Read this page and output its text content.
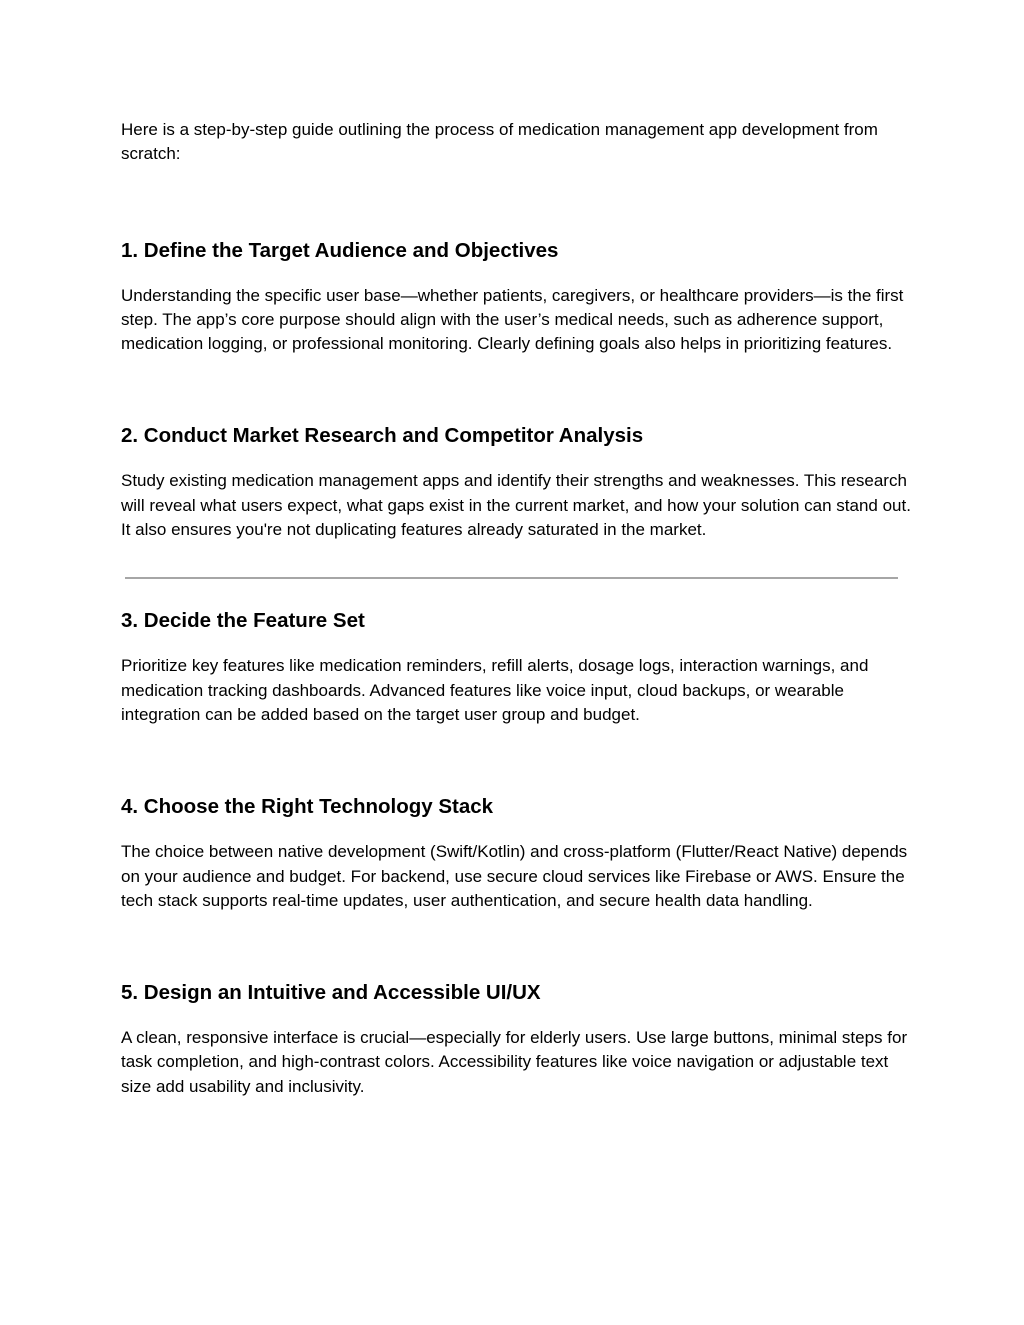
Here is a step-by-step guide outlining the process of medication management app development from scratch:

1. Define the Target Audience and Objectives

Understanding the specific user base—whether patients, caregivers, or healthcare providers—is the first step. The app’s core purpose should align with the user’s medical needs, such as adherence support, medication logging, or professional monitoring. Clearly defining goals also helps in prioritizing features.

2. Conduct Market Research and Competitor Analysis

Study existing medication management apps and identify their strengths and weaknesses. This research will reveal what users expect, what gaps exist in the current market, and how your solution can stand out. It also ensures you're not duplicating features already saturated in the market.

3. Decide the Feature Set

Prioritize key features like medication reminders, refill alerts, dosage logs, interaction warnings, and medication tracking dashboards. Advanced features like voice input, cloud backups, or wearable integration can be added based on the target user group and budget.

4. Choose the Right Technology Stack

The choice between native development (Swift/Kotlin) and cross-platform (Flutter/React Native) depends on your audience and budget. For backend, use secure cloud services like Firebase or AWS. Ensure the tech stack supports real-time updates, user authentication, and secure health data handling.

5. Design an Intuitive and Accessible UI/UX

A clean, responsive interface is crucial—especially for elderly users. Use large buttons, minimal steps for task completion, and high-contrast colors. Accessibility features like voice navigation or adjustable text size add usability and inclusivity.
